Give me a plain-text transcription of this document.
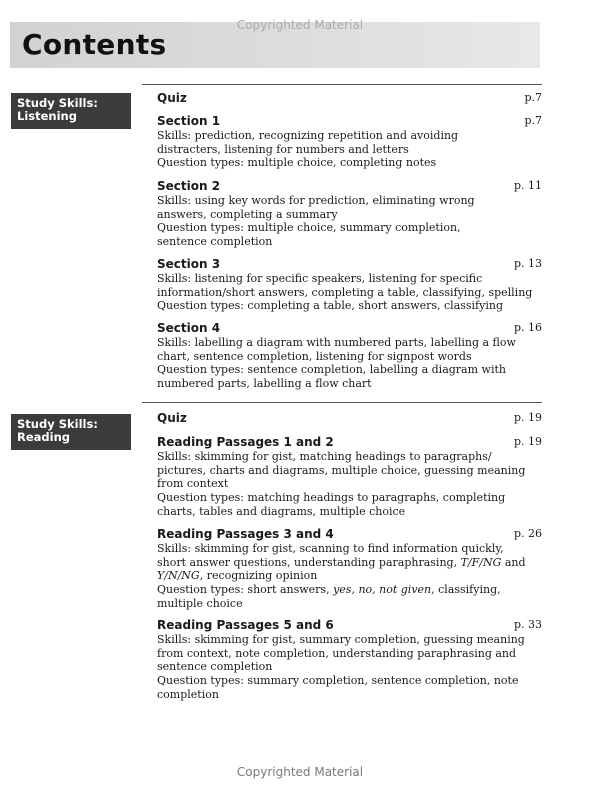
Copyrighted Material
Contents
Study Skills:
Listening
Quiz	p.7
Section 1
Skills: prediction, recognizing repetition and avoiding
distracters, listening for numbers and letters
Question types: multiple choice, completing notes
p.7
Section 2
Skills: using key words for prediction, eliminating wrong
answers, completing a summary
Question types: multiple choice, summary completion,
sentence completion
p. 11
Section 3
Skills: listening for specific speakers, listening for specific
information/short answers, completing a table, classifying, spelling
Question types: completing a table, short answers, classifying
p. 13
Section 4
Skills: labelling a diagram with numbered parts, labelling a flow
chart, sentence completion, listening for signpost words
Question types: sentence completion, labelling a diagram with
numbered parts, labelling a flow chart
p. 16
Study Skills:
Reading
Quiz	p. 19
Reading Passages 1 and 2
Skills: skimming for gist, matching headings to paragraphs/
pictures, charts and diagrams, multiple choice, guessing meaning
from context
Question types: matching headings to paragraphs, completing
charts, tables and diagrams, multiple choice
p. 19
Reading Passages 3 and 4
Skills: skimming for gist, scanning to find information quickly,
short answer questions, understanding paraphrasing, T/F/NG and
Y/N/NG, recognizing opinion
Question types: short answers, yes, no, not given, classifying,
multiple choice
p. 26
Reading Passages 5 and 6
Skills: skimming for gist, summary completion, guessing meaning
from context, note completion, understanding paraphrasing and
sentence completion
Question types: summary completion, sentence completion, note
completion
p. 33
Copyrighted Material
